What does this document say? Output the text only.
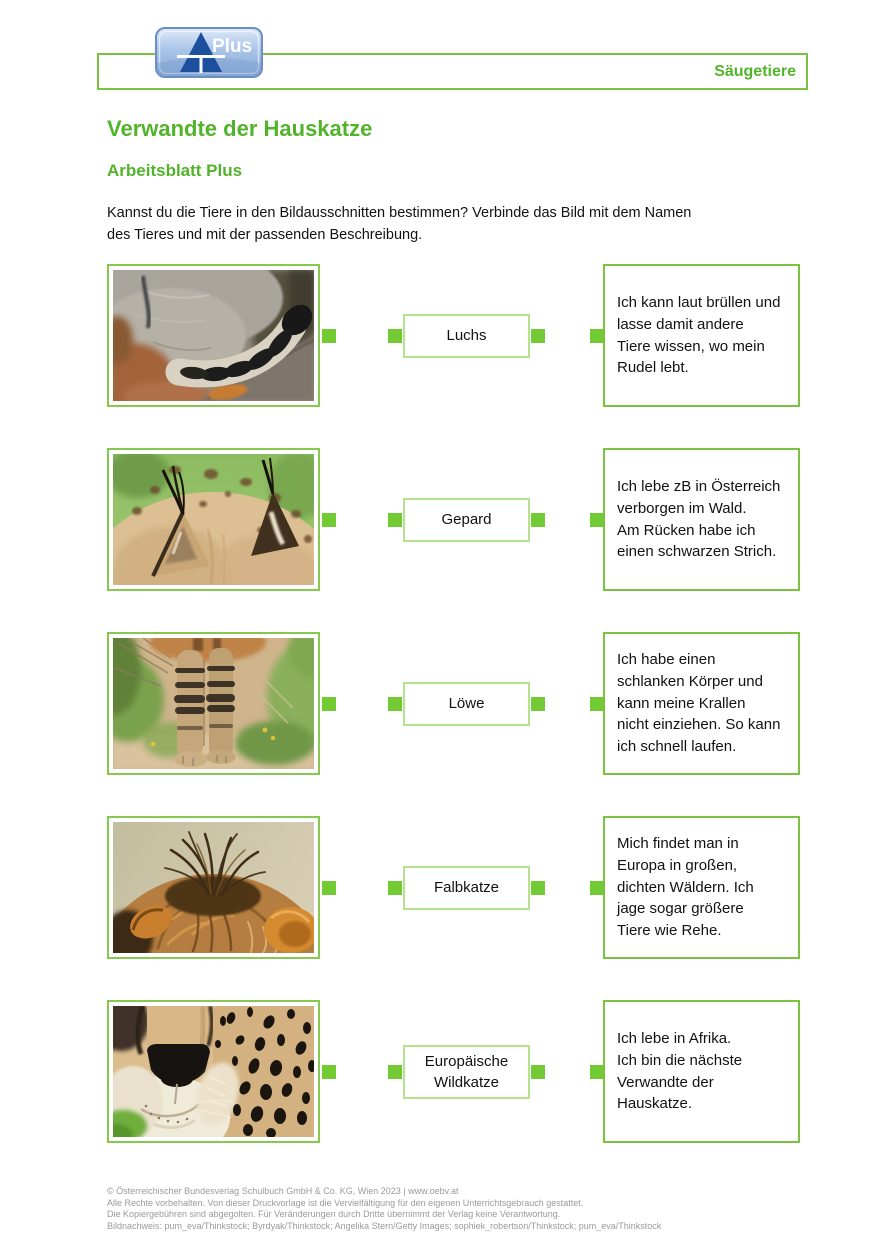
Säugetiere
Plus
Verwandte der Hauskatze
Arbeitsblatt Plus

Kannst du die Tiere in den Bildausschnitten bestimmen? Verbinde das Bild mit dem Namen
des Tieres und mit der passenden Beschreibung.

Luchs
Ich kann laut brüllen und
lasse damit andere
Tiere wissen, wo mein
Rudel lebt.
Gepard
Ich lebe zB in Österreich
verborgen im Wald.
Am Rücken habe ich
einen schwarzen Strich.
Löwe
Ich habe einen
schlanken Körper und
kann meine Krallen
nicht einziehen. So kann
ich schnell laufen.
Falbkatze
Mich findet man in
Europa in großen,
dichten Wäldern. Ich
jage sogar größere
Tiere wie Rehe.
Europäische Wildkatze
Ich lebe in Afrika.
Ich bin die nächste
Verwandte der
Hauskatze.
© Österreichischer Bundesverlag Schulbuch GmbH & Co. KG, Wien 2023 | www.oebv.at
Alle Rechte vorbehalten. Von dieser Druckvorlage ist die Vervielfältigung für den eigenen Unterrichtsgebrauch gestattet.
Die Kopiergebühren sind abgegolten. Für Veränderungen durch Dritte übernimmt der Verlag keine Verantwortung.
Bildnachweis: pum_eva/Thinkstock; Byrdyak/Thinkstock; Angelika Stern/Getty Images; sophiek_robertson/Thinkstock; pum_eva/Thinkstock
